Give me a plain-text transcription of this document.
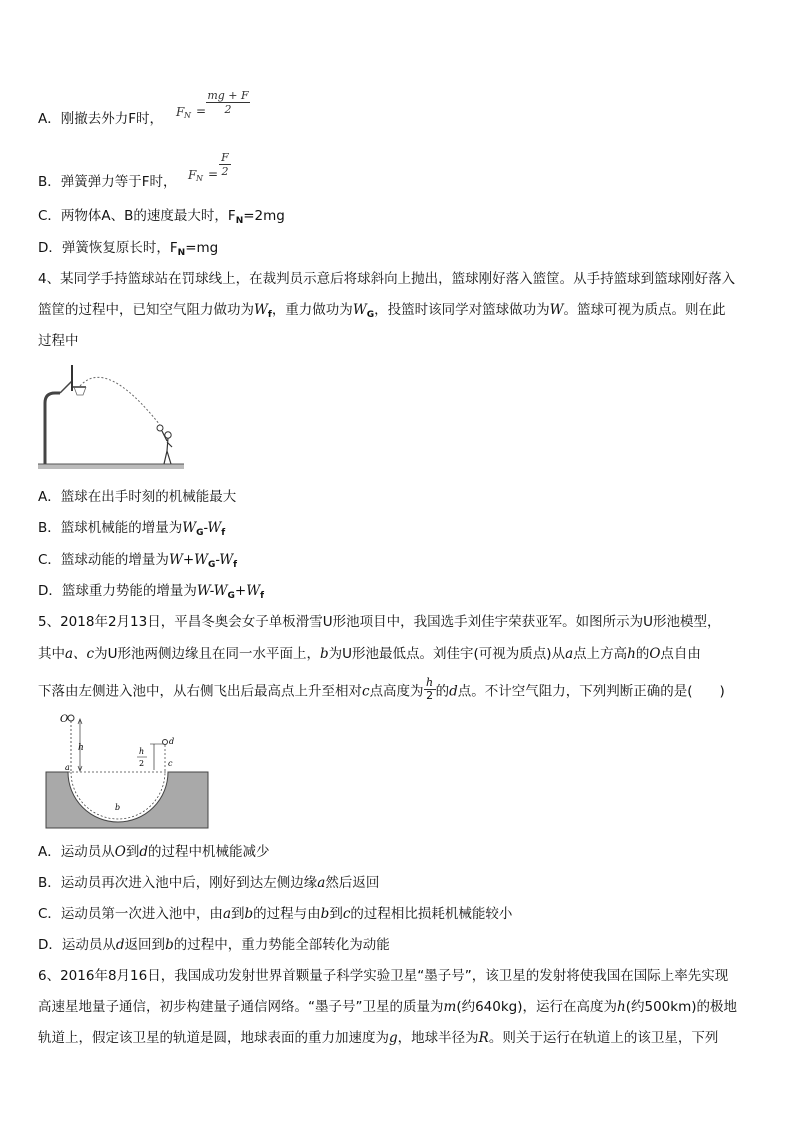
A．刚撤去外力F时， F N =
mg + F
2
B．弹簧弹力等于F时， F N =
F
2
C．两物体A、B的速度最大时，$F_N=2mg$
D．弹簧恢复原长时，$F_N=mg$
4、某同学手持篮球站在罚球线上，在裁判员示意后将球斜向上抛出，篮球刚好落入篮筐。从手持篮球到篮球刚好落入
篮筐的过程中，已知空气阻力做功为$W_f$，重力做功为$W_G$，投篮时该同学对篮球做功为W。篮球可视为质点。则在此
过程中
A．篮球在出手时刻的机械能最大
B．篮球机械能的增量为$W_G-W_f$
C．篮球动能的增量为$W+W_G-W_f$
D．篮球重力势能的增量为$W-W_G+W_f$
5、2018年2月13日，平昌冬奥会女子单板滑雪U形池项目中，我国选手刘佳宇荣获亚军。如图所示为U形池模型，
其中a、c为U形池两侧边缘且在同一水平面上，b为U形池最低点。刘佳宇(可视为质点)从a点上方高h的O点自由
下落由左侧进入池中，从右侧飞出后最高点上升至相对c点高度为 $\frac{h}{2}$ 的d点。不计空气阻力，下列判断正确的是(　　)
O
h
a
b
d
c
h
2
A．运动员从O到d的过程中机械能减少
B．运动员再次进入池中后，刚好到达左侧边缘a然后返回
C．运动员第一次进入池中，由a到b的过程与由b到c的过程相比损耗机械能较小
D．运动员从d返回到b的过程中，重力势能全部转化为动能
6、2016年8月16日，我国成功发射世界首颗量子科学实验卫星“墨子号”，该卫星的发射将使我国在国际上率先实现
高速星地量子通信，初步构建量子通信网络。“墨子号”卫星的质量为m(约640kg)，运行在高度为h(约500km)的极地
轨道上，假定该卫星的轨道是圆，地球表面的重力加速度为g，地球半径为R。则关于运行在轨道上的该卫星，下列
